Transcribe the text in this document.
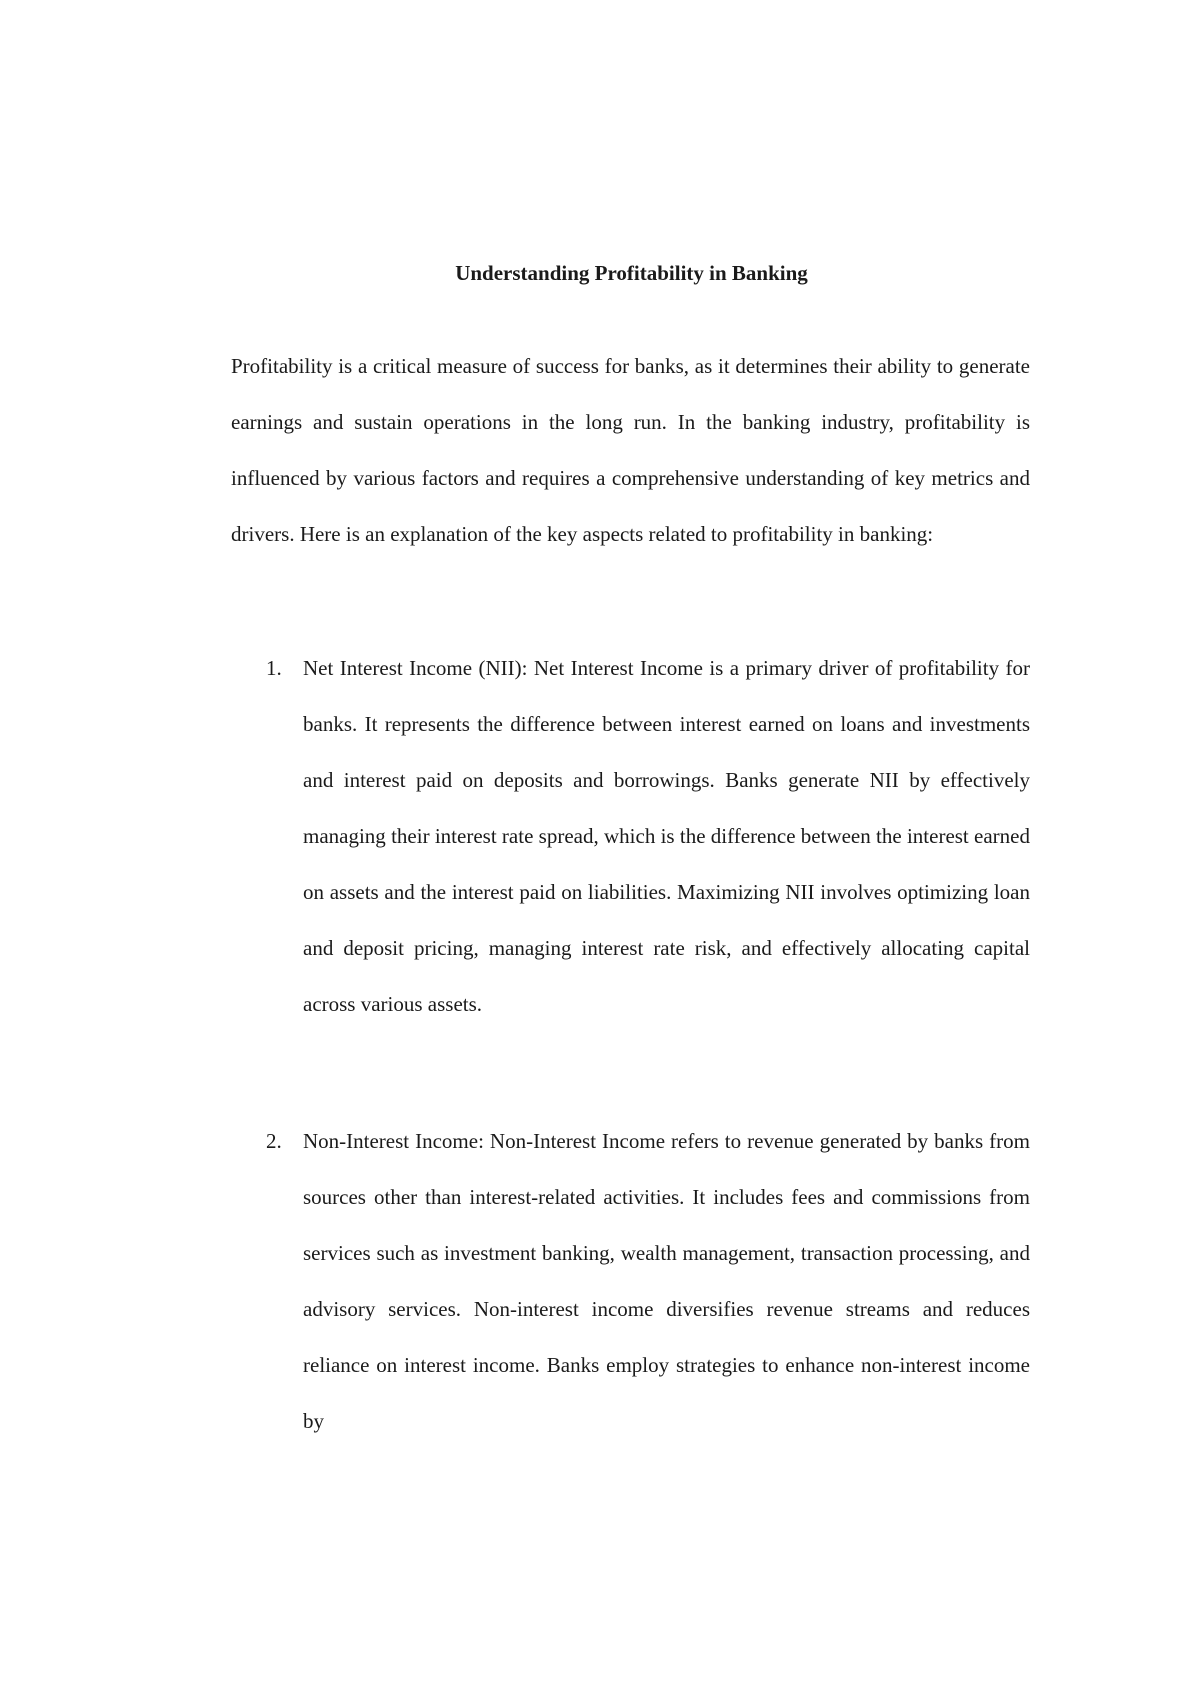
Understanding Profitability in Banking
Profitability is a critical measure of success for banks, as it determines their ability to generate earnings and sustain operations in the long run. In the banking industry, profitability is influenced by various factors and requires a comprehensive understanding of key metrics and drivers. Here is an explanation of the key aspects related to profitability in banking:
1. Net Interest Income (NII): Net Interest Income is a primary driver of profitability for banks. It represents the difference between interest earned on loans and investments and interest paid on deposits and borrowings. Banks generate NII by effectively managing their interest rate spread, which is the difference between the interest earned on assets and the interest paid on liabilities. Maximizing NII involves optimizing loan and deposit pricing, managing interest rate risk, and effectively allocating capital across various assets.
2. Non-Interest Income: Non-Interest Income refers to revenue generated by banks from sources other than interest-related activities. It includes fees and commissions from services such as investment banking, wealth management, transaction processing, and advisory services. Non-interest income diversifies revenue streams and reduces reliance on interest income. Banks employ strategies to enhance non-interest income by
